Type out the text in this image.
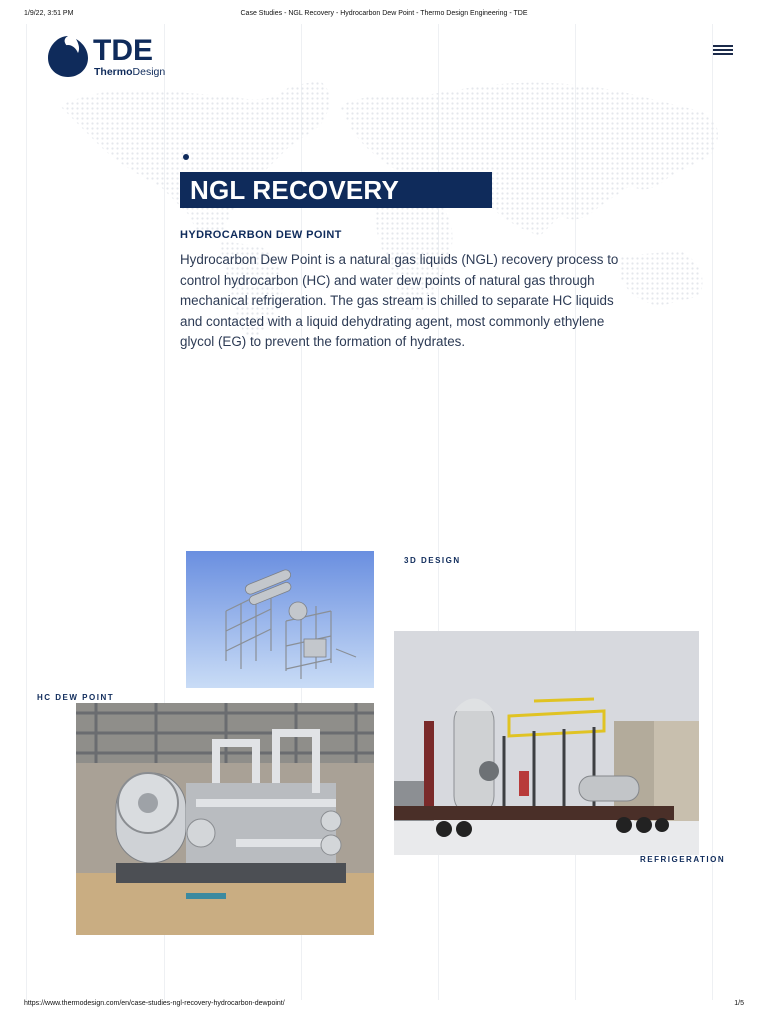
1/9/22, 3:51 PM	Case Studies - NGL Recovery - Hydrocarbon Dew Point - Thermo Design Engineering - TDE
TDE
ThermoDesign
NGL RECOVERY
HYDROCARBON DEW POINT

Hydrocarbon Dew Point is a natural gas liquids (NGL) recovery process to control hydrocarbon (HC) and water dew points of natural gas through mechanical refrigeration. The gas stream is chilled to separate HC liquids and contacted with a liquid dehydrating agent, most commonly ethylene glycol (EG) to prevent the formation of hydrates.

3D DESIGN
HC DEW POINT
REFRIGERATION
https://www.thermodesign.com/en/case-studies-ngl-recovery-hydrocarbon-dewpoint/	1/5
